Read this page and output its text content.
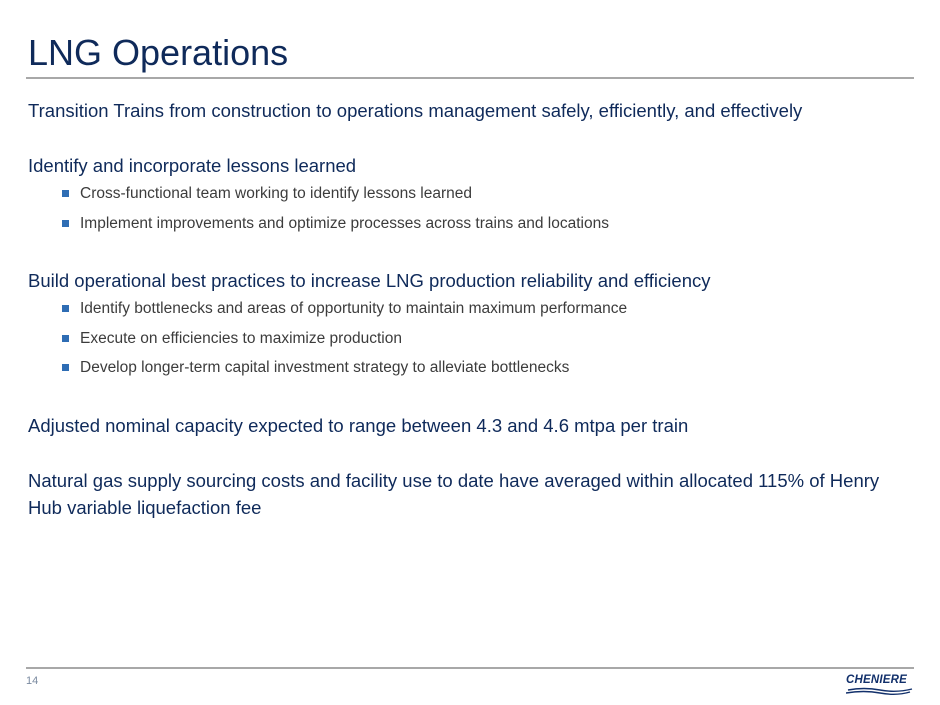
LNG Operations

Transition Trains from construction to operations management safely, efficiently, and effectively

Identify and incorporate lessons learned

Cross-functional team working to identify lessons learned
Implement improvements and optimize processes across trains and locations

Build operational best practices to increase LNG production reliability and efficiency

Identify bottlenecks and areas of opportunity to maintain maximum performance
Execute on efficiencies to maximize production
Develop longer-term capital investment strategy to alleviate bottlenecks

Adjusted nominal capacity expected to range between 4.3 and 4.6 mtpa per train

Natural gas supply sourcing costs and facility use to date have averaged within allocated 115% of Henry Hub variable liquefaction fee

14	CHENIERE
